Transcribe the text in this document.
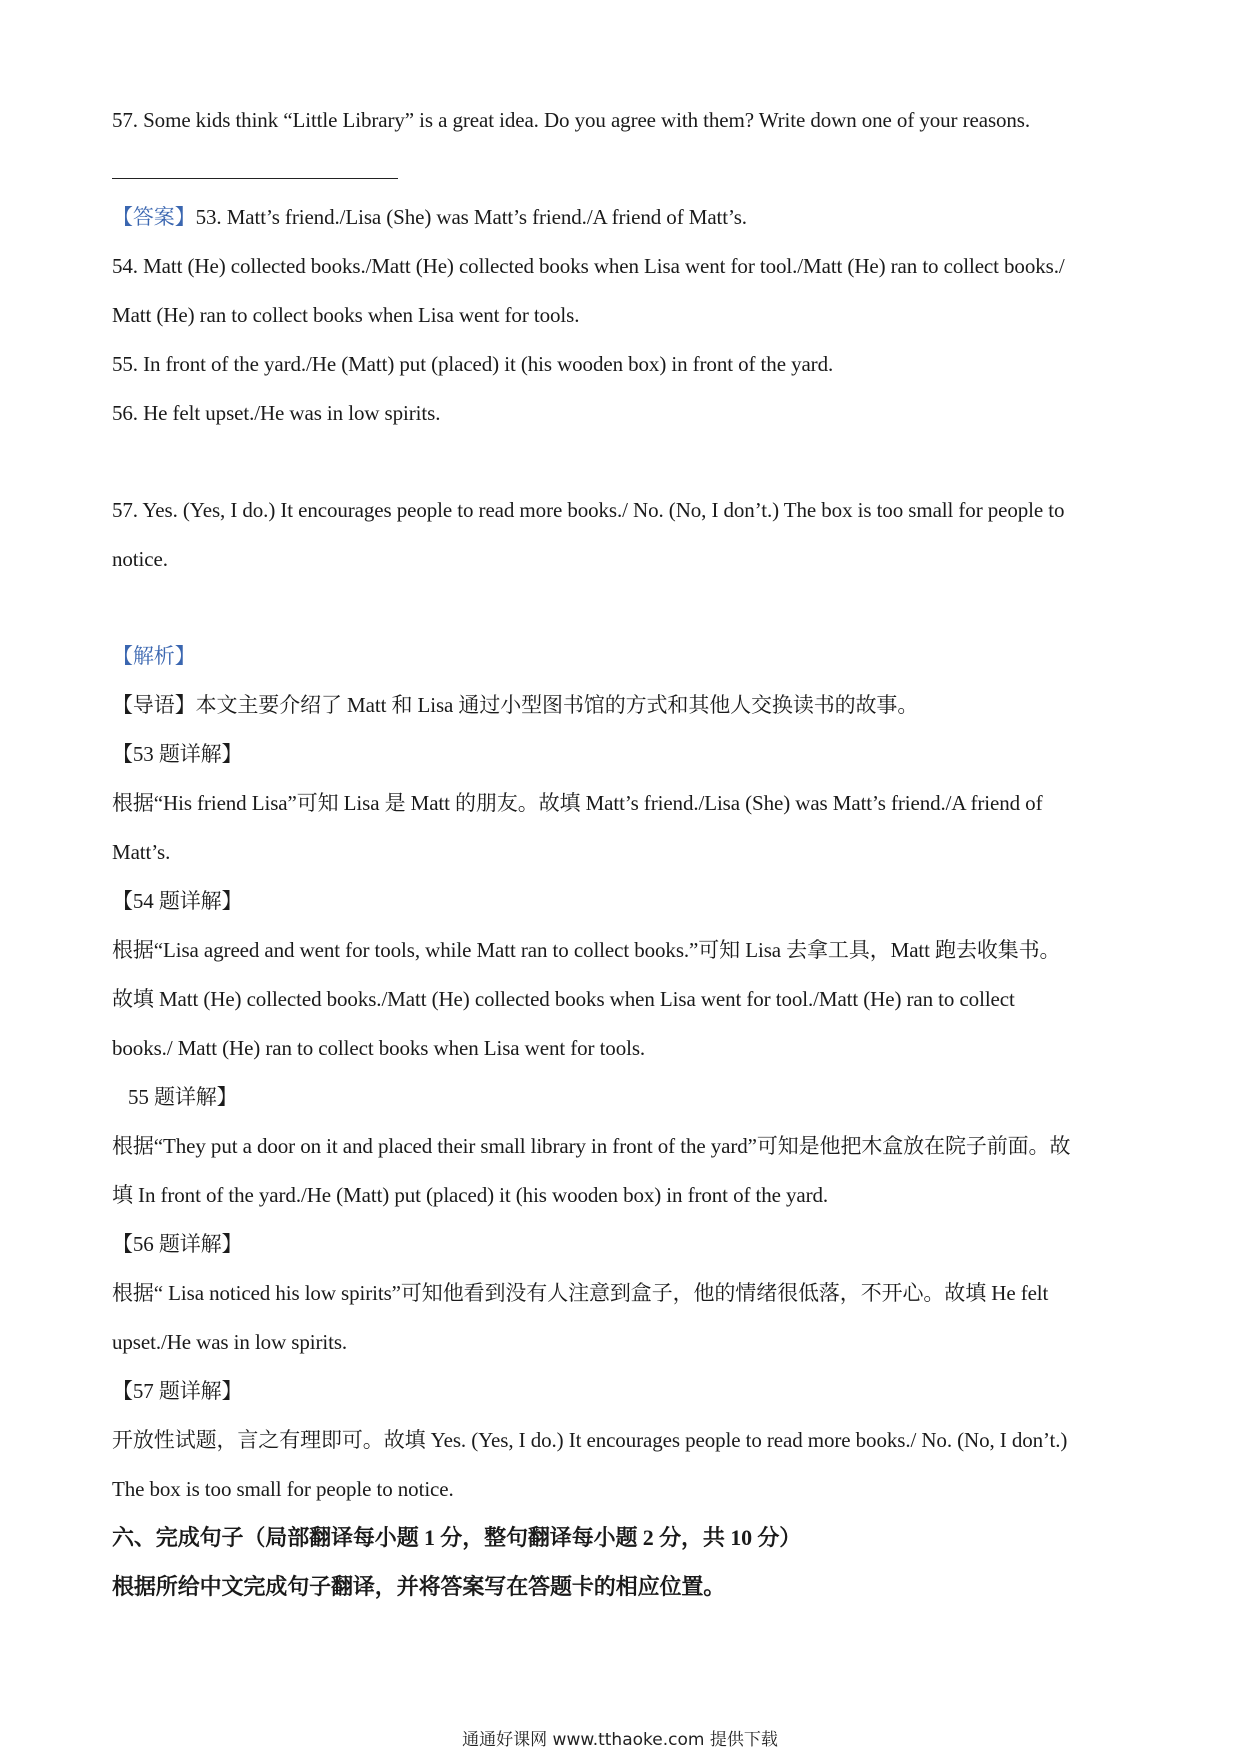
57. Some kids think “Little Library” is a great idea. Do you agree with them? Write down one of your reasons.
【答案】53. Matt’s friend./Lisa (She) was Matt’s friend./A friend of Matt’s.
54. Matt (He) collected books./Matt (He) collected books when Lisa went for tool./Matt (He) ran to collect books./
Matt (He) ran to collect books when Lisa went for tools.
55. In front of the yard./He (Matt) put (placed) it (his wooden box) in front of the yard.
56. He felt upset./He was in low spirits.
57. Yes. (Yes, I do.) It encourages people to read more books./ No. (No, I don’t.) The box is too small for people to
notice.
【解析】
【导语】本文主要介绍了 Matt 和 Lisa 通过小型图书馆的方式和其他人交换读书的故事。
【53 题详解】
根据“His friend Lisa”可知 Lisa 是 Matt 的朋友。故填 Matt’s friend./Lisa (She) was Matt’s friend./A friend of
Matt’s.
【54 题详解】
根据“Lisa agreed and went for tools, while Matt ran to collect books.”可知 Lisa 去拿工具，Matt 跑去收集书。
故填 Matt (He) collected books./Matt (He) collected books when Lisa went for tool./Matt (He) ran to collect
books./ Matt (He) ran to collect books when Lisa went for tools.
55 题详解】
根据“They put a door on it and placed their small library in front of the yard”可知是他把木盒放在院子前面。故
填 In front of the yard./He (Matt) put (placed) it (his wooden box) in front of the yard.
【56 题详解】
根据“ Lisa noticed his low spirits”可知他看到没有人注意到盒子，他的情绪很低落，不开心。故填 He felt
upset./He was in low spirits.
【57 题详解】
开放性试题，言之有理即可。故填 Yes. (Yes, I do.) It encourages people to read more books./ No. (No, I don’t.)
The box is too small for people to notice.
六、完成句子（局部翻译每小题 1 分，整句翻译每小题 2 分，共 10 分）
根据所给中文完成句子翻译，并将答案写在答题卡的相应位置。
通通好课网 www.tthaoke.com 提供下载
